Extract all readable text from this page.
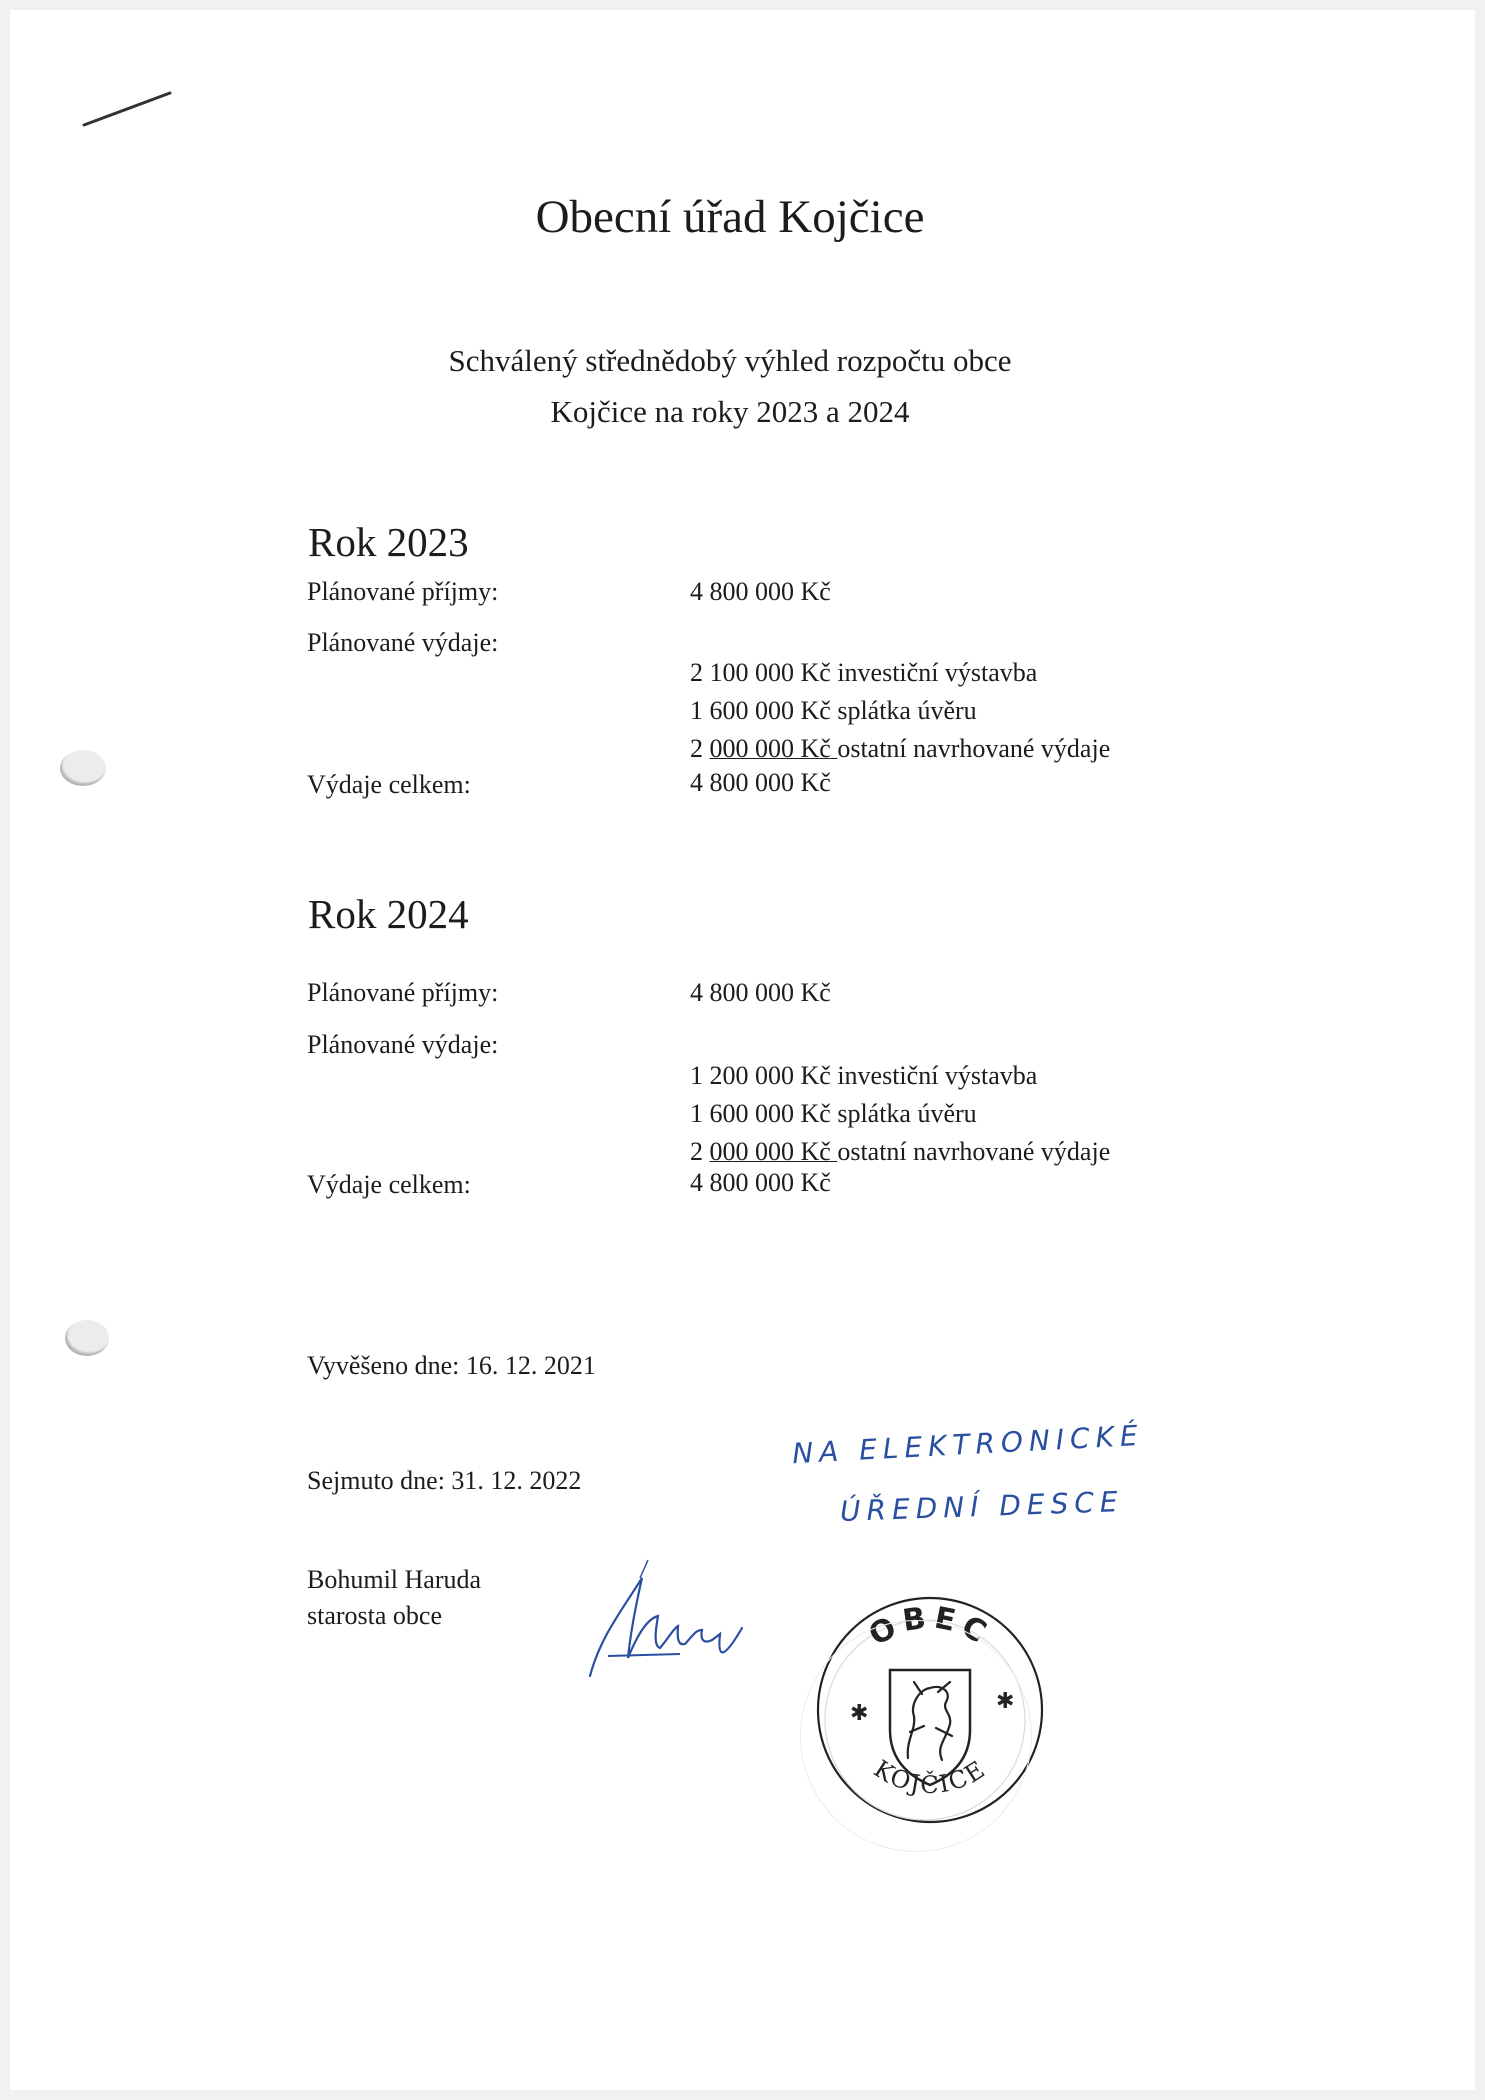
Obecní úřad Kojčice
Schválený střednědobý výhled rozpočtu obce
Kojčice na roky 2023 a 2024
Rok 2023
Plánované příjmy:	4 800 000 Kč
Plánované výdaje:
2 100 000 Kč investiční výstavba
1 600 000 Kč splátka úvěru
2 000 000 Kč ostatní navrhované výdaje
Výdaje celkem:	4 800 000 Kč
Rok 2024
Plánované příjmy:	4 800 000 Kč
Plánované výdaje:
1 200 000 Kč investiční výstavba
1 600 000 Kč splátka úvěru
2 000 000 Kč ostatní navrhované výdaje
Výdaje celkem:	4 800 000 Kč
Vyvěšeno dne: 16. 12. 2021
Sejmuto dne: 31. 12. 2022
NA ELEKTRONICKÉ
ÚŘEDNÍ DESCE
Bohumil Haruda
starosta obce	OBEC
KOJČICE
✱	✱
